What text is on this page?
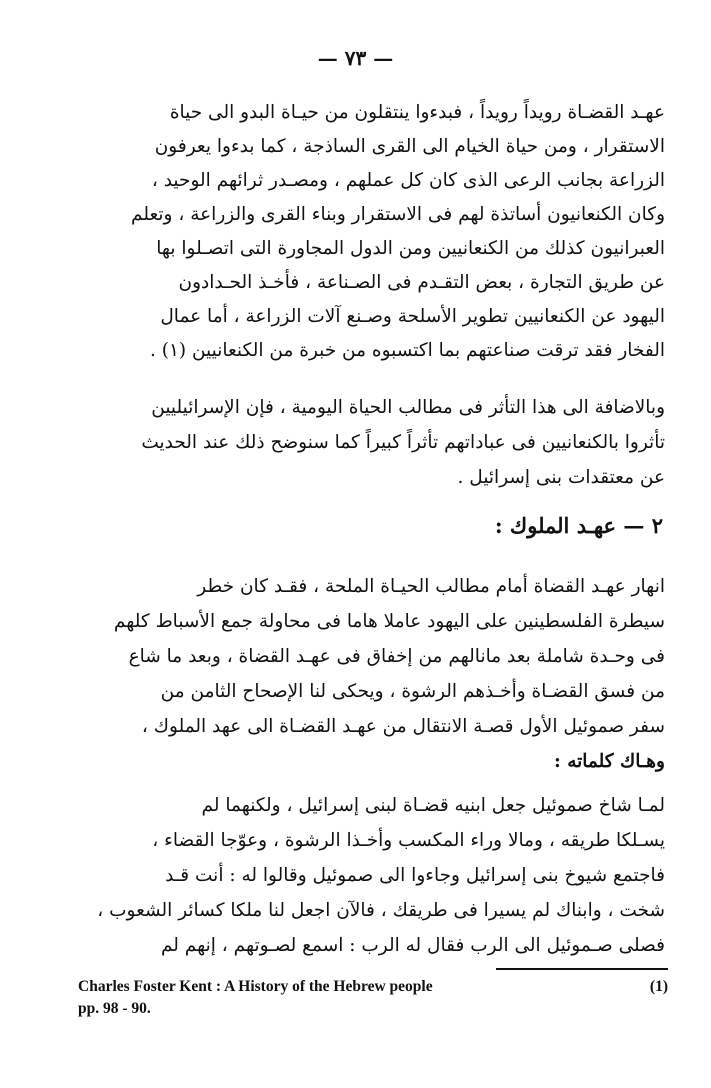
— ٧٣ —
عهـد القضـاة رويداً رويداً ، فبدءوا ينتقلون من حيـاة البدو الى حياة
الاستقرار ، ومن حياة الخيام الى القرى الساذجة ، كما بدءوا يعرفون
الزراعة بجانب الرعى الذى كان كل عملهم ، ومصـدر ثرائهم الوحيد ،
وكان الكنعانيون أساتذة لهم فى الاستقرار وبناء القرى والزراعة ، وتعلم
العبرانيون كذلك من الكنعانيين ومن الدول المجاورة التى اتصـلوا بها
عن طريق التجارة ، بعض التقـدم فى الصـناعة ، فأخـذ الحـدادون
اليهود عن الكنعانيين تطوير الأسلحة وصـنع آلات الزراعة ، أما عمال
الفخار فقد ترقت صناعتهم بما اكتسبوه من خبرة من الكنعانيين (١) .
وبالاضافة الى هذا التأثر فى مطالب الحياة اليومية ، فإن الإسرائيليين
تأثروا بالكنعانيين فى عباداتهم تأثراً كبيراً كما سنوضح ذلك عند الحديث
عن معتقدات بنى إسرائيل .
٢ — عهـد الملوك :
انهار عهـد القضاة أمام مطالب الحيـاة الملحة ، فقـد كان خطر
سيطرة الفلسطينين على اليهود عاملا هاما فى محاولة جمع الأسباط كلهم
فى وحـدة شاملة بعد مانالهم من إخفاق فى عهـد القضاة ، وبعد ما شاع
من فسق القضـاة وأخـذهم الرشوة ، ويحكى لنا الإصحاح الثامن من
سفر صموئيل الأول قصـة الانتقال من عهـد القضـاة الى عهد الملوك ،
وهـاك كلماته :
لمـا شاخ صموئيل جعل ابنيه قضـاة لبنى إسرائيل ، ولكنهما لم
يسـلكا طريقه ، ومالا وراء المكسب وأخـذا الرشوة ، وعوّجا القضاء ،
فاجتمع شيوخ بنى إسرائيل وجاءوا الى صموئيل وقالوا له : أنت قـد
شخت ، وابناك لم يسيرا فى طريقك ، فالآن اجعل لنا ملكا كسائر الشعوب ،
فصلى صـموئيل الى الرب فقال له الرب : اسمع لصـوتهم ، إنهم لم
Charles Foster Kent : A History of the Hebrew people	(1)
pp. 98 - 90.
